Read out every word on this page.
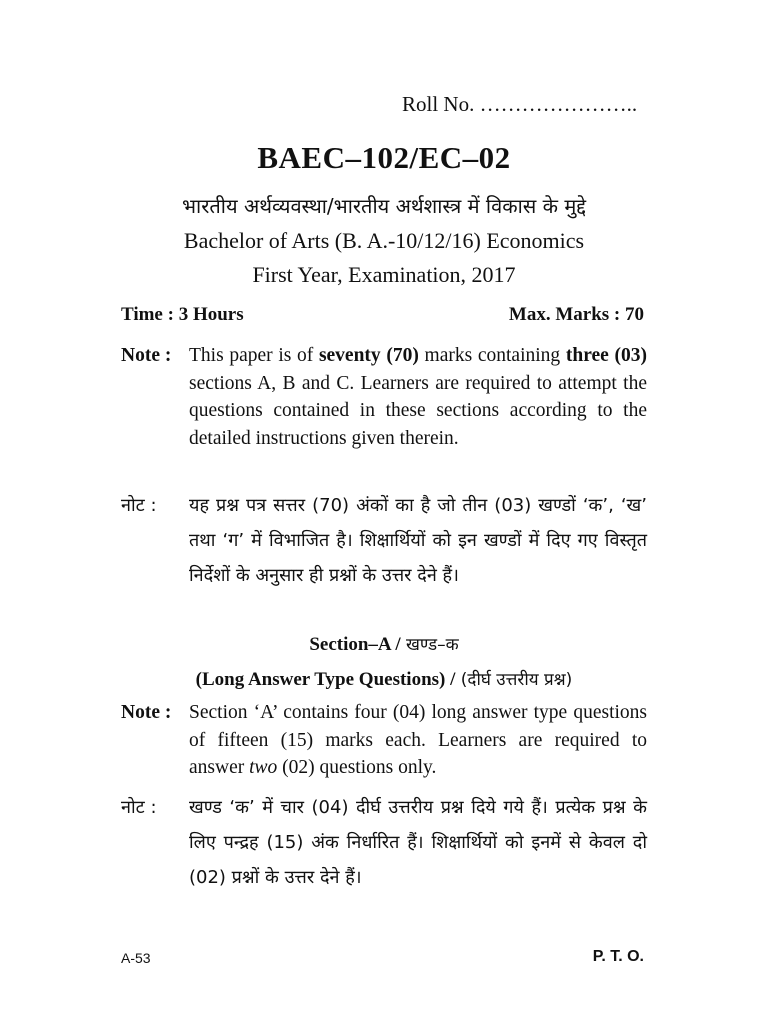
Roll No. …………………..
BAEC–102/EC–02
भारतीय अर्थव्यवस्था/भारतीय अर्थशास्त्र में विकास के मुद्दे
Bachelor of Arts (B. A.-10/12/16) Economics
First Year, Examination, 2017
Time : 3 Hours	Max. Marks : 70
Note : This paper is of seventy (70) marks containing three (03) sections A, B and C. Learners are required to attempt the questions contained in these sections according to the detailed instructions given therein.
नोट :	यह प्रश्न पत्र सत्तर (70) अंकों का है जो तीन (03) खण्डों ‘क’, ‘ख’ तथा ‘ग’ में विभाजित है। शिक्षार्थियों को इन खण्डों में दिए गए विस्तृत निर्देशों के अनुसार ही प्रश्नों के उत्तर देने हैं।
Section–A / खण्ड–क
(Long Answer Type Questions) / (दीर्घ उत्तरीय प्रश्न)
Note : Section ‘A’ contains four (04) long answer type questions of fifteen (15) marks each. Learners are required to answer two (02) questions only.
नोट :	खण्ड ‘क’ में चार (04) दीर्घ उत्तरीय प्रश्न दिये गये हैं। प्रत्येक प्रश्न के लिए पन्द्रह (15) अंक निर्धारित हैं। शिक्षार्थियों को इनमें से केवल दो (02) प्रश्नों के उत्तर देने हैं।
A-53	P. T. O.
